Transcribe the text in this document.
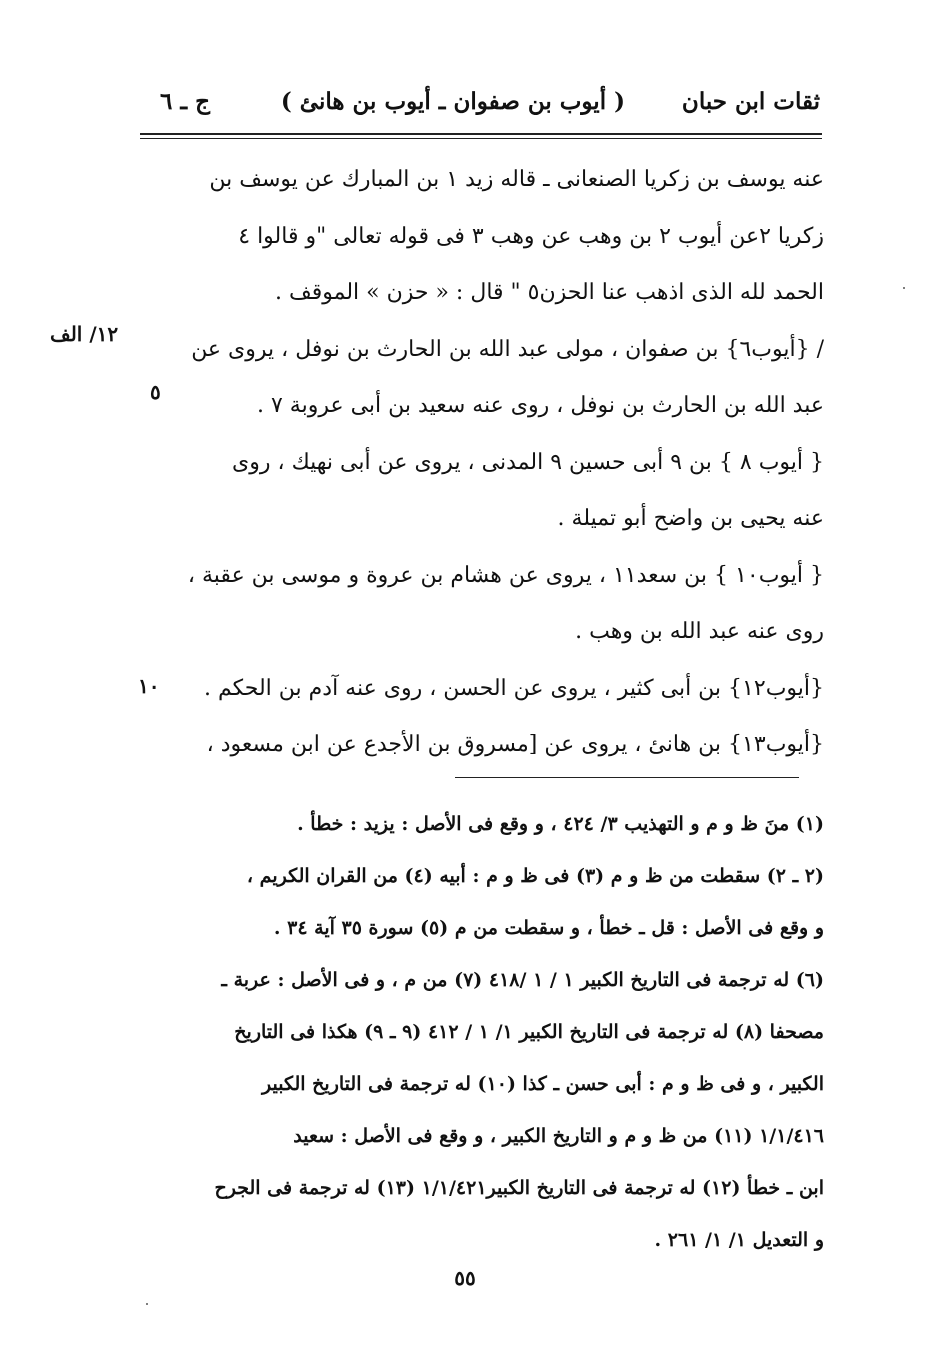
ثقات ابن حبان
( أيوب بن صفوان ـ أيوب بن هانئ )
ج ـ ٦
عنه يوسف بن زكريا الصنعانى ـ قاله زيد ١ بن المبارك عن يوسف بن
زكريا ٢عن أيوب ٢ بن وهب عن وهب ٣ فى قوله تعالى "و قالوا ٤
الحمد لله الذى اذهب عنا الحزن٥ " قال : « حزن » الموقف .
/ {أيوب٦} بن صفوان ، مولى عبد الله بن الحارث بن نوفل ، يروى عن
عبد الله بن الحارث بن نوفل ، روى عنه سعيد بن أبى عروبة ٧ .
{ أيوب ٨ } بن ٩ أبى حسين ٩ المدنى ، يروى عن أبى نهيك ، روى
عنه يحيى بن واضح أبو تميلة .
{ أيوب١٠ } بن سعد١١ ، يروى عن هشام بن عروة و موسى بن عقبة ،
روى عنه عبد الله بن وهب .
{أيوب١٢} بن أبى كثير ، يروى عن الحسن ، روى عنه آدم بن الحكم .
{أيوب١٣} بن هانئ ، يروى عن [مسروق بن الأجدع عن ابن مسعود ،
١٢/ الف
٥
١٠
(١) منَ ظ و م و التهذيب ٣/ ٤٢٤ ، و وقع فى الأصل : يزيد : خطأ .
(٢ ـ ٢) سقطت من ظ و م (٣) فى ظ و م : أبيه (٤) من القران الكريم ،
و وقع فى الأصل : قل ـ خطأ ، و سقطت من م (٥) سورة ٣٥ آية ٣٤ .
(٦) له ترجمة فى التاريخ الكبير ١ / ١ /٤١٨ (٧) من م ، و فى الأصل : عربة ـ
مصحفا (٨) له ترجمة فى التاريخ الكبير ١/ ١ / ٤١٢ (٩ ـ ٩) هكذا فى التاريخ
الكبير ، و فى ظ و م : أبى حسن ـ كذا (١٠) له ترجمة فى التاريخ الكبير
١/١/٤١٦ (١١) من ظ و م و التاريخ الكبير ، و وقع فى الأصل : سعيد
ابن ـ خطأ (١٢) له ترجمة فى التاريخ الكبير١/١/٤٢١ (١٣) له ترجمة فى الجرح
و التعديل ١/ ١/ ٢٦١ .
٥٥
